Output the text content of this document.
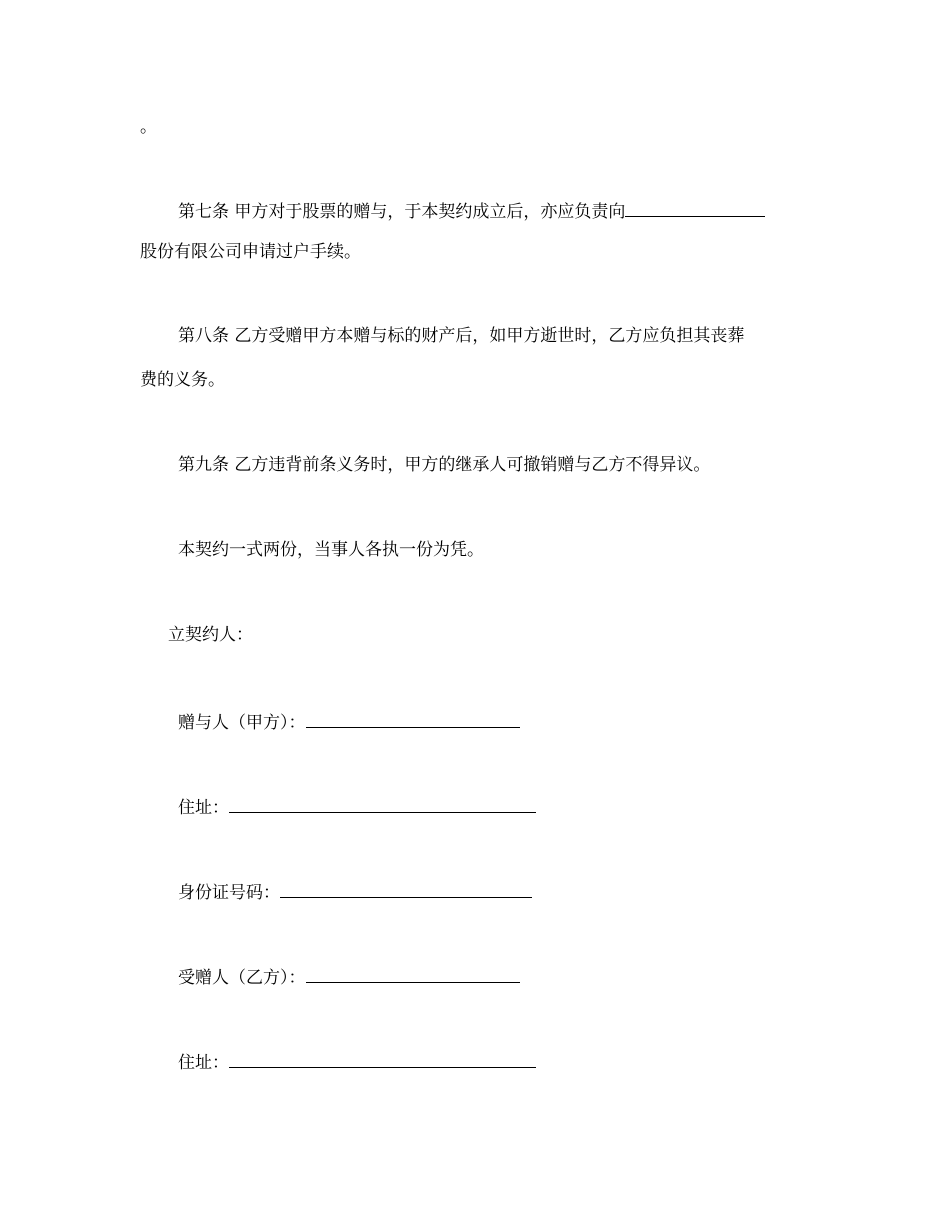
。
第七条 甲方对于股票的赠与，于本契约成立后，亦应负责向
股份有限公司申请过户手续。
第八条 乙方受赠甲方本赠与标的财产后，如甲方逝世时，乙方应负担其丧葬
费的义务。
第九条 乙方违背前条义务时，甲方的继承人可撤销赠与乙方不得异议。
本契约一式两份，当事人各执一份为凭。
立契约人：
赠与人（甲方）：
住址：
身份证号码：
受赠人（乙方）：
住址：
